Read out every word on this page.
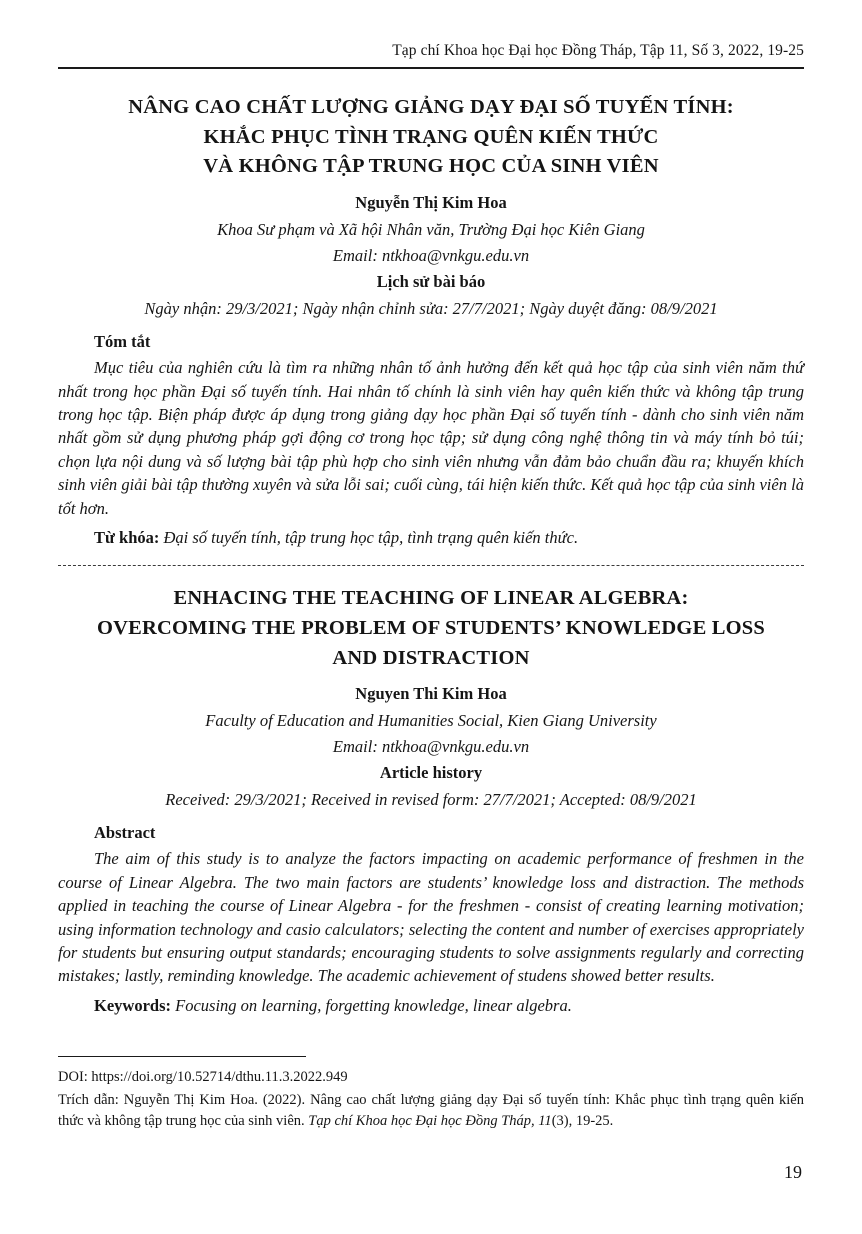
Tạp chí Khoa học Đại học Đồng Tháp, Tập 11, Số 3, 2022, 19-25
NÂNG CAO CHẤT LƯỢNG GIẢNG DẠY ĐẠI SỐ TUYẾN TÍNH:
KHẮC PHỤC TÌNH TRẠNG QUÊN KIẾN THỨC
VÀ KHÔNG TẬP TRUNG HỌC CỦA SINH VIÊN
Nguyễn Thị Kim Hoa
Khoa Sư phạm và Xã hội Nhân văn, Trường Đại học Kiên Giang
Email: ntkhoa@vnkgu.edu.vn
Lịch sử bài báo
Ngày nhận: 29/3/2021; Ngày nhận chỉnh sửa: 27/7/2021; Ngày duyệt đăng: 08/9/2021
Tóm tắt

Mục tiêu của nghiên cứu là tìm ra những nhân tố ảnh hưởng đến kết quả học tập của sinh viên năm thứ nhất trong học phần Đại số tuyến tính. Hai nhân tố chính là sinh viên hay quên kiến thức và không tập trung trong học tập. Biện pháp được áp dụng trong giảng dạy học phần Đại số tuyến tính - dành cho sinh viên năm nhất gồm sử dụng phương pháp gợi động cơ trong học tập; sử dụng công nghệ thông tin và máy tính bỏ túi; chọn lựa nội dung và số lượng bài tập phù hợp cho sinh viên nhưng vẫn đảm bảo chuẩn đầu ra; khuyến khích sinh viên giải bài tập thường xuyên và sửa lỗi sai; cuối cùng, tái hiện kiến thức. Kết quả học tập của sinh viên là tốt hơn.

Từ khóa: Đại số tuyến tính, tập trung học tập, tình trạng quên kiến thức.
ENHACING THE TEACHING OF LINEAR ALGEBRA:
OVERCOMING THE PROBLEM OF STUDENTS’ KNOWLEDGE LOSS
AND DISTRACTION
Nguyen Thi Kim Hoa
Faculty of Education and Humanities Social, Kien Giang University
Email: ntkhoa@vnkgu.edu.vn
Article history
Received: 29/3/2021; Received in revised form: 27/7/2021; Accepted: 08/9/2021
Abstract

The aim of this study is to analyze the factors impacting on academic performance of freshmen in the course of Linear Algebra. The two main factors are students’ knowledge loss and distraction. The methods applied in teaching the course of Linear Algebra - for the freshmen - consist of creating learning motivation; using information technology and casio calculators; selecting the content and number of exercises appropriately for students but ensuring output standards; encouraging students to solve assignments regularly and correcting mistakes; lastly, reminding knowledge. The academic achievement of studens showed better results.

Keywords: Focusing on learning, forgetting knowledge, linear algebra.
DOI: https://doi.org/10.52714/dthu.11.3.2022.949
Trích dẫn: Nguyễn Thị Kim Hoa. (2022). Nâng cao chất lượng giảng dạy Đại số tuyến tính: Khắc phục tình trạng quên kiến thức và không tập trung học của sinh viên. Tạp chí Khoa học Đại học Đồng Tháp, 11(3), 19-25.
19
